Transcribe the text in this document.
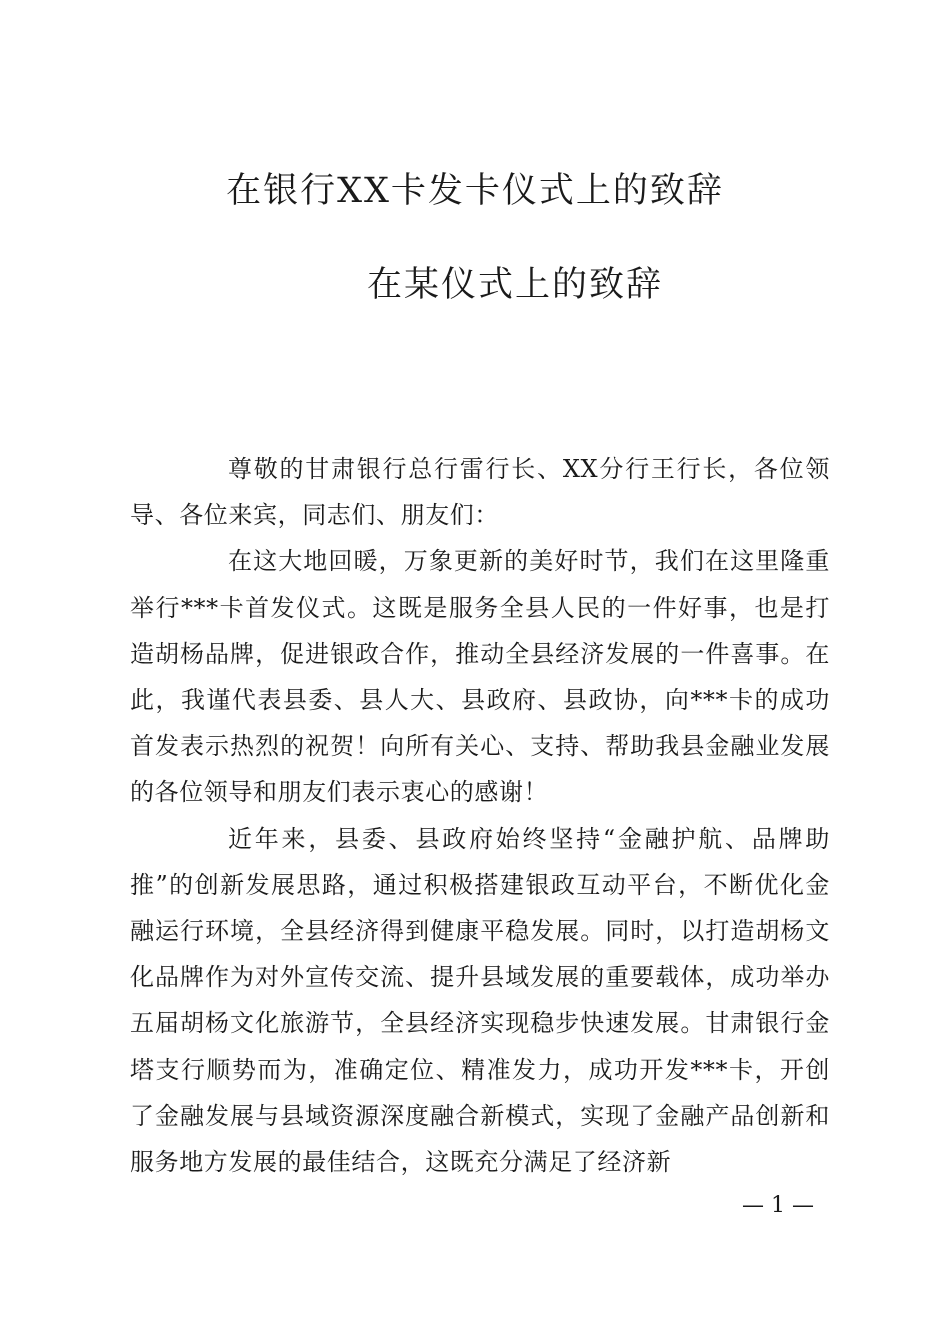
在银行XX卡发卡仪式上的致辞
在某仪式上的致辞

尊敬的甘肃银行总行雷行长、XX分行王行长，各位领导、各位来宾，同志们、朋友们：

在这大地回暖，万象更新的美好时节，我们在这里隆重举行***卡首发仪式。这既是服务全县人民的一件好事，也是打造胡杨品牌，促进银政合作，推动全县经济发展的一件喜事。在此，我谨代表县委、县人大、县政府、县政协，向***卡的成功首发表示热烈的祝贺！向所有关心、支持、帮助我县金融业发展的各位领导和朋友们表示衷心的感谢！

近年来，县委、县政府始终坚持“金融护航、品牌助推”的创新发展思路，通过积极搭建银政互动平台，不断优化金融运行环境，全县经济得到健康平稳发展。同时，以打造胡杨文化品牌作为对外宣传交流、提升县域发展的重要载体，成功举办五届胡杨文化旅游节，全县经济实现稳步快速发展。甘肃银行金塔支行顺势而为，准确定位、精准发力，成功开发***卡，开创了金融发展与县域资源深度融合新模式，实现了金融产品创新和服务地方发展的最佳结合，这既充分满足了经济新

— 1 —
